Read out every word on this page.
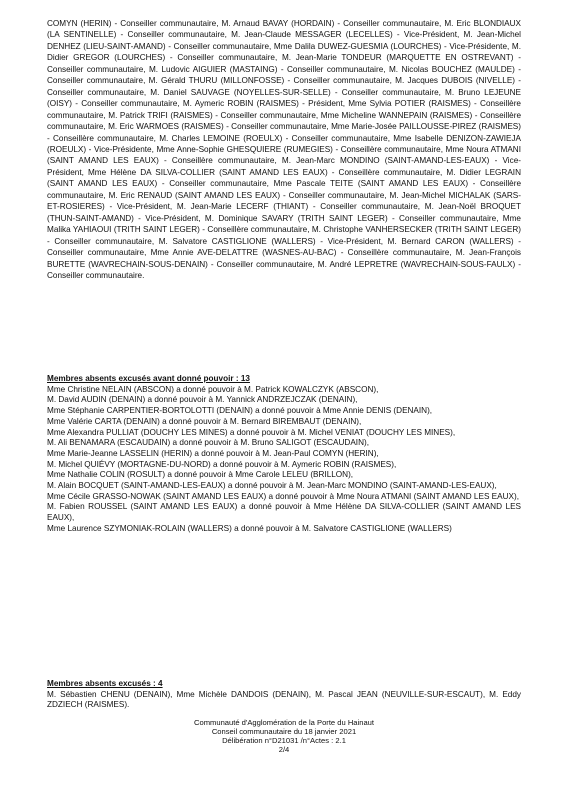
COMYN (HERIN) - Conseiller communautaire, M. Arnaud BAVAY (HORDAIN) - Conseiller communautaire, M. Eric BLONDIAUX (LA SENTINELLE) - Conseiller communautaire, M. Jean-Claude MESSAGER (LECELLES) - Vice-Président, M. Jean-Michel DENHEZ (LIEU-SAINT-AMAND) - Conseiller communautaire, Mme Dalila DUWEZ-GUESMIA (LOURCHES) - Vice-Présidente, M. Didier GREGOR (LOURCHES) - Conseiller communautaire, M. Jean-Marie TONDEUR (MARQUETTE EN OSTREVANT) - Conseiller communautaire, M. Ludovic AIGUIER (MASTAING) - Conseiller communautaire, M. Nicolas BOUCHEZ (MAULDE) - Conseiller communautaire, M. Gérald THURU (MILLONFOSSE) - Conseiller communautaire, M. Jacques DUBOIS (NIVELLE) - Conseiller communautaire, M. Daniel SAUVAGE (NOYELLES-SUR-SELLE) - Conseiller communautaire, M. Bruno LEJEUNE (OISY) - Conseiller communautaire, M. Aymeric ROBIN (RAISMES) - Président, Mme Sylvia POTIER (RAISMES) - Conseillère communautaire, M. Patrick TRIFI (RAISMES) - Conseiller communautaire, Mme Micheline WANNEPAIN (RAISMES) - Conseillère communautaire, M. Eric WARMOES (RAISMES) - Conseiller communautaire, Mme Marie-Josée PAILLOUSSE-PIREZ (RAISMES) - Conseillère communautaire, M. Charles LEMOINE (ROEULX) - Conseiller communautaire, Mme Isabelle DENIZON-ZAWIEJA (ROEULX) - Vice-Présidente, Mme Anne-Sophie GHESQUIERE (RUMEGIES) - Conseillère communautaire, Mme Noura ATMANI (SAINT AMAND LES EAUX) - Conseillère communautaire, M. Jean-Marc MONDINO (SAINT-AMAND-LES-EAUX) - Vice-Président, Mme Hélène DA SILVA-COLLIER (SAINT AMAND LES EAUX) - Conseillère communautaire, M. Didier LEGRAIN (SAINT AMAND LES EAUX) - Conseiller communautaire, Mme Pascale TEITE (SAINT AMAND LES EAUX) - Conseillère communautaire, M. Eric RENAUD (SAINT AMAND LES EAUX) - Conseiller communautaire, M. Jean-Michel MICHALAK (SARS-ET-ROSIERES) - Vice-Président, M. Jean-Marie LECERF (THIANT) - Conseiller communautaire, M. Jean-Noël BROQUET (THUN-SAINT-AMAND) - Vice-Président, M. Dominique SAVARY (TRITH SAINT LEGER) - Conseiller communautaire, Mme Malika YAHIAOUI (TRITH SAINT LEGER) - Conseillère communautaire, M. Christophe VANHERSECKER (TRITH SAINT LEGER) - Conseiller communautaire, M. Salvatore CASTIGLIONE (WALLERS) - Vice-Président, M. Bernard CARON (WALLERS) - Conseiller communautaire, Mme Annie AVE-DELATTRE (WASNES-AU-BAC) - Conseillère communautaire, M. Jean-François BURETTE (WAVRECHAIN-SOUS-DENAIN) - Conseiller communautaire, M. André LEPRETRE (WAVRECHAIN-SOUS-FAULX) - Conseiller communautaire.

Membres absents excusés avant donné pouvoir : 13

Mme Christine NELAIN (ABSCON) a donné pouvoir à M. Patrick KOWALCZYK (ABSCON),

M. David AUDIN (DENAIN) a donné pouvoir à M. Yannick ANDRZEJCZAK (DENAIN),

Mme Stéphanie CARPENTIER-BORTOLOTTI (DENAIN) a donné pouvoir à Mme Annie DENIS (DENAIN),

Mme Valérie CARTA (DENAIN) a donné pouvoir à M. Bernard BIREMBAUT (DENAIN),

Mme Alexandra PULLIAT (DOUCHY LES MINES) a donné pouvoir à M. Michel VENIAT (DOUCHY LES MINES),

M. Ali BENAMARA (ESCAUDAIN) a donné pouvoir à M. Bruno SALIGOT (ESCAUDAIN),

Mme Marie-Jeanne LASSELIN (HERIN) a donné pouvoir à M. Jean-Paul COMYN (HERIN),

M. Michel QUIÉVY (MORTAGNE-DU-NORD) a donné pouvoir à M. Aymeric ROBIN (RAISMES),

Mme Nathalie COLIN (ROSULT) a donné pouvoir à Mme Carole LELEU (BRILLON),

M. Alain BOCQUET (SAINT-AMAND-LES-EAUX) a donné pouvoir à M. Jean-Marc MONDINO (SAINT-AMAND-LES-EAUX),

Mme Cécile GRASSO-NOWAK (SAINT AMAND LES EAUX) a donné pouvoir à Mme Noura ATMANI (SAINT AMAND LES EAUX),

M. Fabien ROUSSEL (SAINT AMAND LES EAUX) a donné pouvoir à Mme Hélène DA SILVA-COLLIER (SAINT AMAND LES EAUX),

Mme Laurence SZYMONIAK-ROLAIN (WALLERS) a donné pouvoir à M. Salvatore CASTIGLIONE (WALLERS)

Membres absents excusés : 4

M. Sébastien CHENU (DENAIN), Mme Michèle DANDOIS (DENAIN), M. Pascal JEAN (NEUVILLE-SUR-ESCAUT), M. Eddy ZDZIECH (RAISMES).

Communauté d'Agglomération de la Porte du Hainaut
Conseil communautaire du 18 janvier 2021
Délibération n°D21031 /n°Actes : 2.1
2/4
